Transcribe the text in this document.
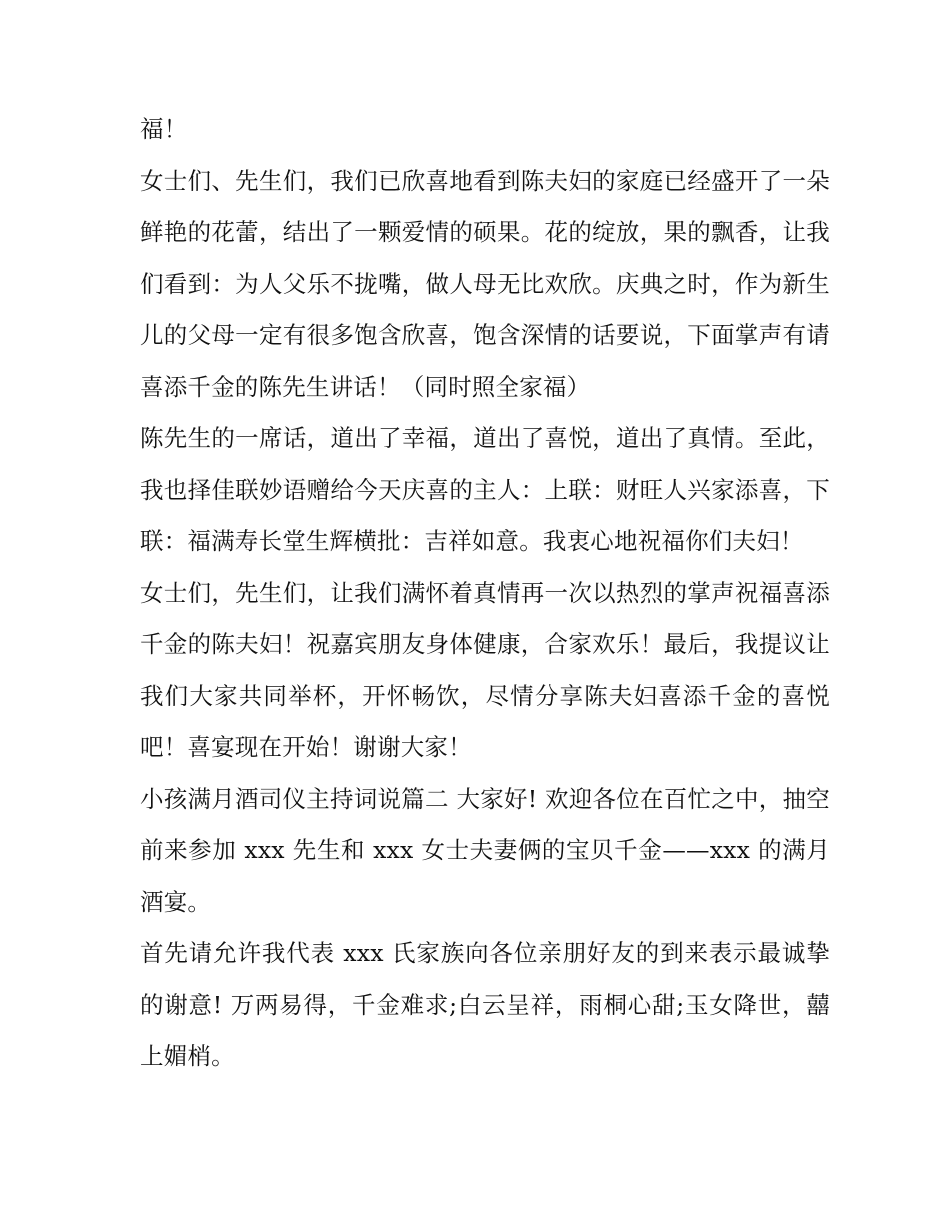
福！

女士们、先生们，我们已欣喜地看到陈夫妇的家庭已经盛开了一朵鲜艳的花蕾，结出了一颗爱情的硕果。花的绽放，果的飘香，让我们看到：为人父乐不拢嘴，做人母无比欢欣。庆典之时，作为新生儿的父母一定有很多饱含欣喜，饱含深情的话要说，下面掌声有请喜添千金的陈先生讲话！（同时照全家福）

陈先生的一席话，道出了幸福，道出了喜悦，道出了真情。至此，我也择佳联妙语赠给今天庆喜的主人：上联：财旺人兴家添喜，下联：福满寿长堂生辉横批：吉祥如意。我衷心地祝福你们夫妇！

女士们，先生们，让我们满怀着真情再一次以热烈的掌声祝福喜添千金的陈夫妇！祝嘉宾朋友身体健康，合家欢乐！最后，我提议让我们大家共同举杯，开怀畅饮，尽情分享陈夫妇喜添千金的喜悦吧！喜宴现在开始！谢谢大家！

小孩满月酒司仪主持词说篇二 大家好! 欢迎各位在百忙之中，抽空前来参加 xxx 先生和 xxx 女士夫妻俩的宝贝千金——xxx 的满月酒宴。

首先请允许我代表 xxx 氏家族向各位亲朋好友的到来表示最诚挚的谢意! 万两易得，千金难求;白云呈祥，雨桐心甜;玉女降世，囍上媚梢。
